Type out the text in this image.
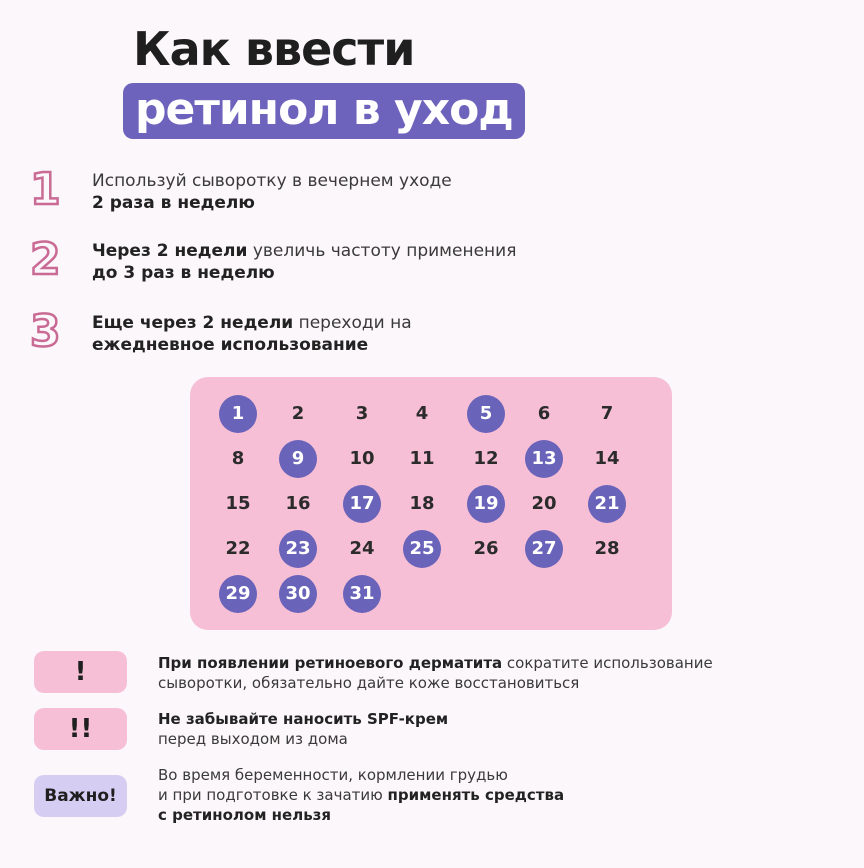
Как ввести
ретинол в уход
1 Используй сыворотку в вечернем уходе
2 раза в неделю
2 Через 2 недели увеличь частоту применения
до 3 раз в неделю
3 Еще через 2 недели переходи на
ежедневное использование
1	2	3	4	5	6	7
8	9	10	11	12	13	14
15	16	17	18	19	20	21
22	23	24	25	26	27	28
29	30	31
!	При появлении ретиноевого дерматита сократите использование
сыворотки, обязательно дайте коже восстановиться
!!	Не забывайте наносить SPF-крем
перед выходом из дома
Важно!
Во время беременности, кормлении грудью
и при подготовке к зачатию применять средства
с ретинолом нельзя
